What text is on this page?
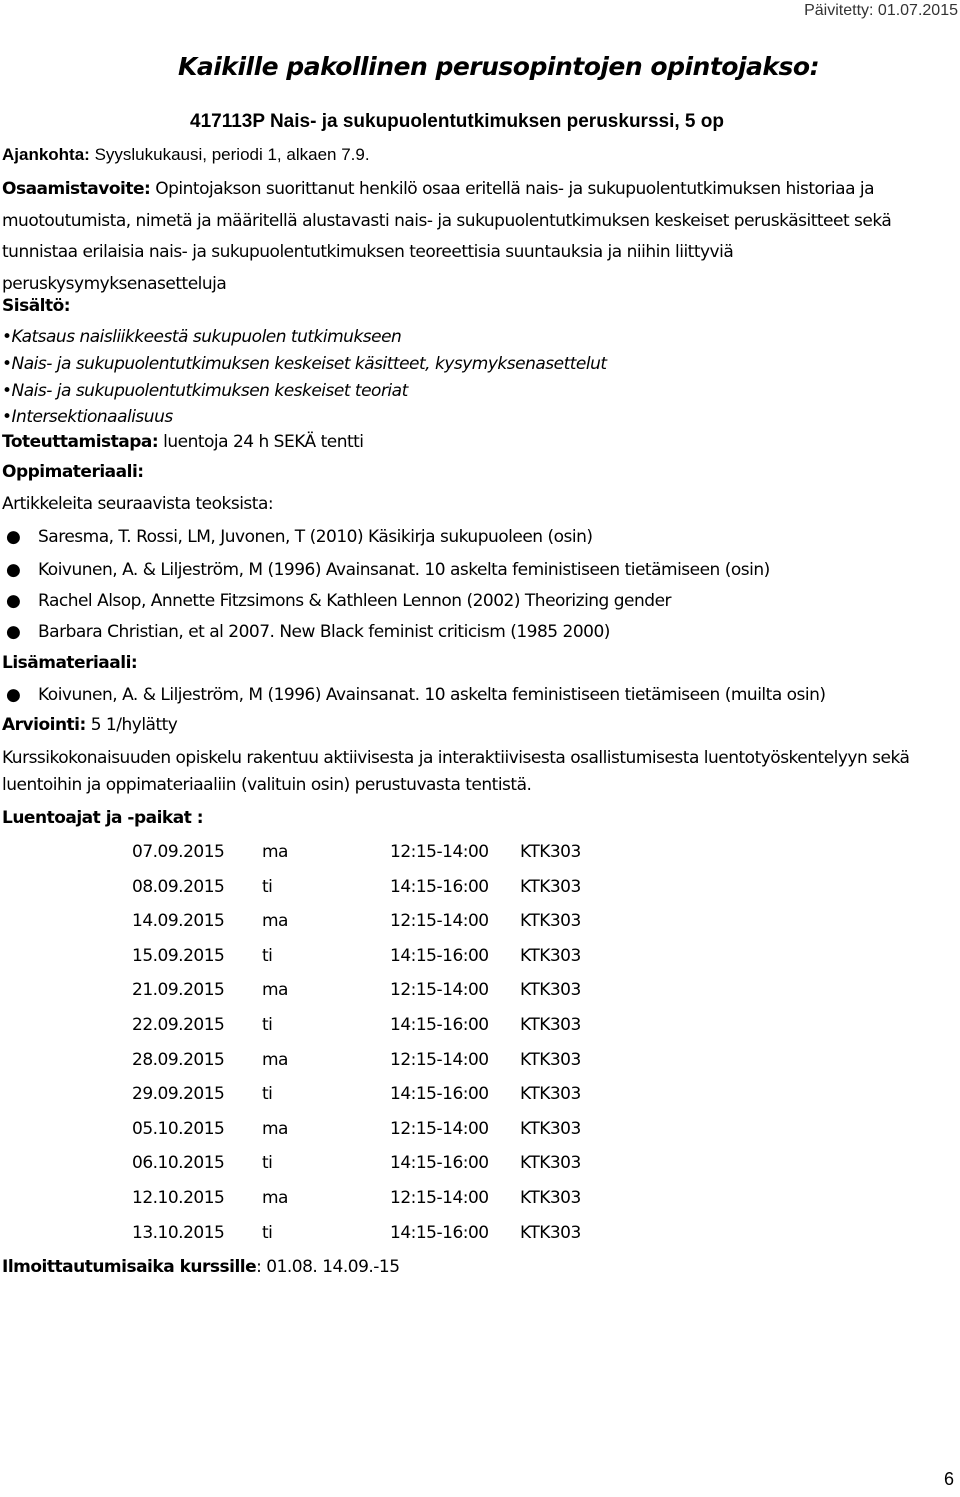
Päivitetty: 01.07.2015
Kaikille pakollinen perusopintojen opintojakso:
417113P Nais- ja sukupuolentutkimuksen peruskurssi, 5 op
Ajankohta: Syyslukukausi, periodi 1, alkaen 7.9.
Osaamistavoite: Opintojakson suorittanut henkilö osaa eritellä nais- ja sukupuolentutkimuksen historiaa ja muotoutumista, nimetä ja määritellä alustavasti nais- ja sukupuolentutkimuksen keskeiset peruskäsitteet sekä tunnistaa erilaisia nais- ja sukupuolentutkimuksen teoreettisia suuntauksia ja niihin liittyviä peruskysymyksenasetteluja
Sisältö:
•Katsaus naisliikkeestä sukupuolen tutkimukseen
•Nais- ja sukupuolentutkimuksen keskeiset käsitteet, kysymyksenasettelut
•Nais- ja sukupuolentutkimuksen keskeiset teoriat
•Intersektionaalisuus
Toteuttamistapa: luentoja 24 h SEKÄ tentti
Oppimateriaali:
Artikkeleita seuraavista teoksista:
● Saresma, T. Rossi, LM, Juvonen, T (2010) Käsikirja sukupuoleen (osin)
● Koivunen, A. & Liljeström, M (1996) Avainsanat. 10 askelta feministiseen tietämiseen (osin)
● Rachel Alsop, Annette Fitzsimons & Kathleen Lennon (2002) Theorizing gender
● Barbara Christian, et al 2007. New Black feminist criticism (1985 2000)
Lisämateriaali:
● Koivunen, A. & Liljeström, M (1996) Avainsanat. 10 askelta feministiseen tietämiseen (muilta osin)
Arviointi: 5 1/hylätty
Kurssikokonaisuuden opiskelu rakentuu aktiivisesta ja interaktiivisesta osallistumisesta luentotyöskentelyyn sekä luentoihin ja oppimateriaaliin (valituin osin) perustuvasta tentistä.
Luentoajat ja -paikat :
07.09.2015 ma	12:15-14:00 KTK303
08.09.2015 ti	14:15-16:00 KTK303
14.09.2015 ma	12:15-14:00 KTK303
15.09.2015 ti	14:15-16:00 KTK303
21.09.2015 ma	12:15-14:00 KTK303
22.09.2015 ti	14:15-16:00 KTK303
28.09.2015 ma	12:15-14:00 KTK303
29.09.2015 ti	14:15-16:00 KTK303
05.10.2015 ma	12:15-14:00 KTK303
06.10.2015 ti	14:15-16:00 KTK303
12.10.2015 ma	12:15-14:00 KTK303
13.10.2015 ti	14:15-16:00 KTK303
Ilmoittautumisaika kurssille: 01.08. 14.09.-15
6
